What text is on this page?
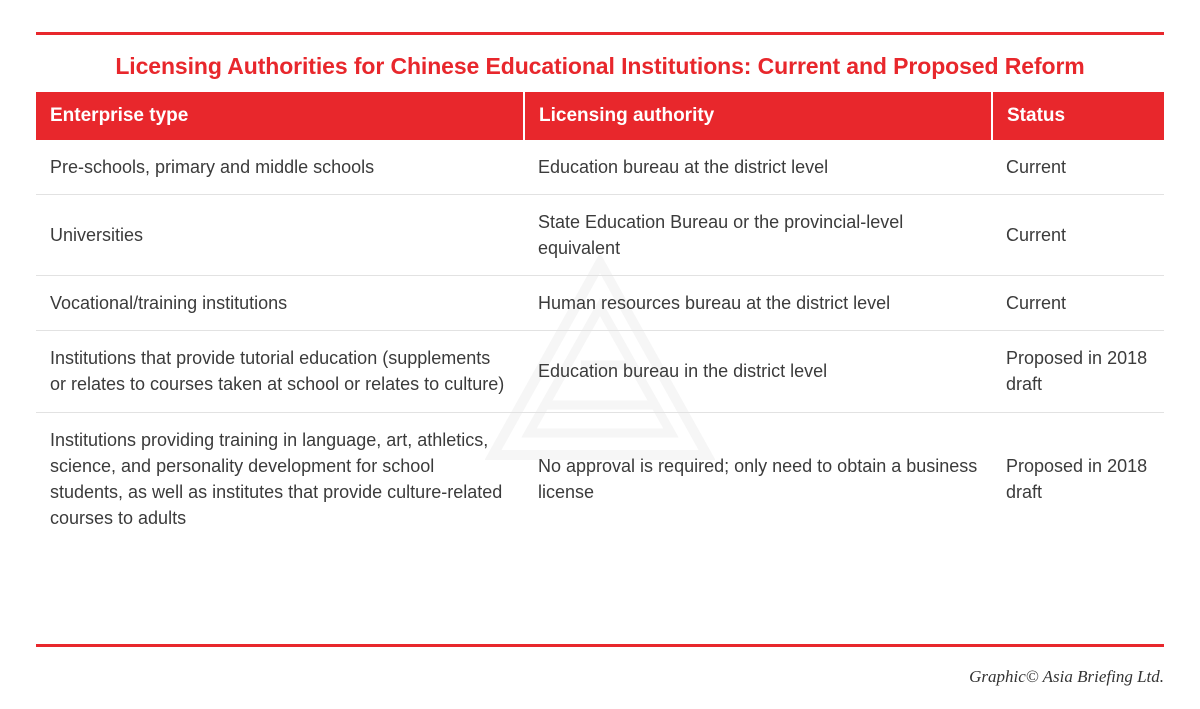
Licensing Authorities for Chinese Educational Institutions: Current and Proposed Reform
Enterprise type	Licensing authority	Status
Pre-schools, primary and middle schools	Education bureau at the district level	Current
Universities	State Education Bureau or the provincial-level equivalent	Current
Vocational/training institutions	Human resources bureau at the district level	Current
Institutions that provide tutorial education (supplements or relates to courses taken at school or relates to culture)	Education bureau in the district level	Proposed in 2018 draft
Institutions providing training in language, art, athletics, science, and personality development for school students, as well as institutes that provide culture-related courses to adults	No approval is required; only need to obtain a business license	Proposed in 2018 draft
Graphic© Asia Briefing Ltd.
